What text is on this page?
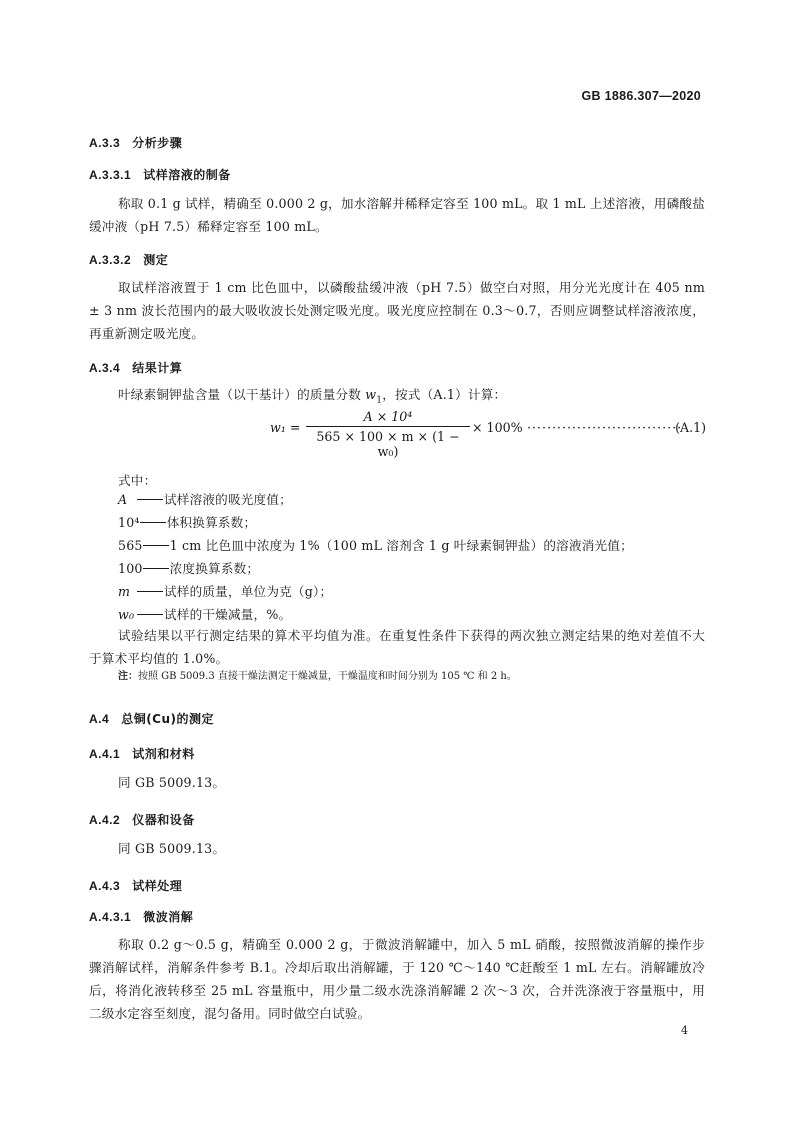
GB 1886.307—2020
A.3.3 分析步骤
A.3.3.1 试样溶液的制备
称取 0.1 g 试样，精确至 0.000 2 g，加水溶解并稀释定容至 100 mL。取 1 mL 上述溶液，用磷酸盐缓冲液（pH 7.5）稀释定容至 100 mL。
A.3.3.2 测定
取试样溶液置于 1 cm 比色皿中，以磷酸盐缓冲液（pH 7.5）做空白对照，用分光光度计在 405 nm ± 3 nm 波长范围内的最大吸收波长处测定吸光度。吸光度应控制在 0.3～0.7，否则应调整试样溶液浓度，再重新测定吸光度。
A.3.4 结果计算
叶绿素铜钾盐含量（以干基计）的质量分数 $w_1$，按式（A.1）计算：
w₁ =
A × 10⁴
565 × 100 × m × (1 − w₀)
× 100% ·······························
(A.1)
式中：
A	试样溶液的吸光度值；
10⁴ 体积换算系数；
565 1 cm 比色皿中浓度为 1%（100 mL 溶剂含 1 g 叶绿素铜钾盐）的溶液消光值；
100 浓度换算系数；
m	试样的质量，单位为克（g）；
w₀ 试样的干燥减量，%。
试验结果以平行测定结果的算术平均值为准。在重复性条件下获得的两次独立测定结果的绝对差值不大于算术平均值的 1.0%。
注：按照 GB 5009.3 直接干燥法测定干燥减量，干燥温度和时间分别为 105 ℃ 和 2 h。
A.4 总铜(Cu)的测定
A.4.1 试剂和材料
同 GB 5009.13。
A.4.2 仪器和设备
同 GB 5009.13。
A.4.3 试样处理
A.4.3.1 微波消解
称取 0.2 g～0.5 g，精确至 0.000 2 g，于微波消解罐中，加入 5 mL 硝酸，按照微波消解的操作步骤消解试样，消解条件参考 B.1。冷却后取出消解罐，于 120 ℃～140 ℃赶酸至 1 mL 左右。消解罐放冷后，将消化液转移至 25 mL 容量瓶中，用少量二级水洗涤消解罐 2 次～3 次，合并洗涤液于容量瓶中，用二级水定容至刻度，混匀备用。同时做空白试验。
4
